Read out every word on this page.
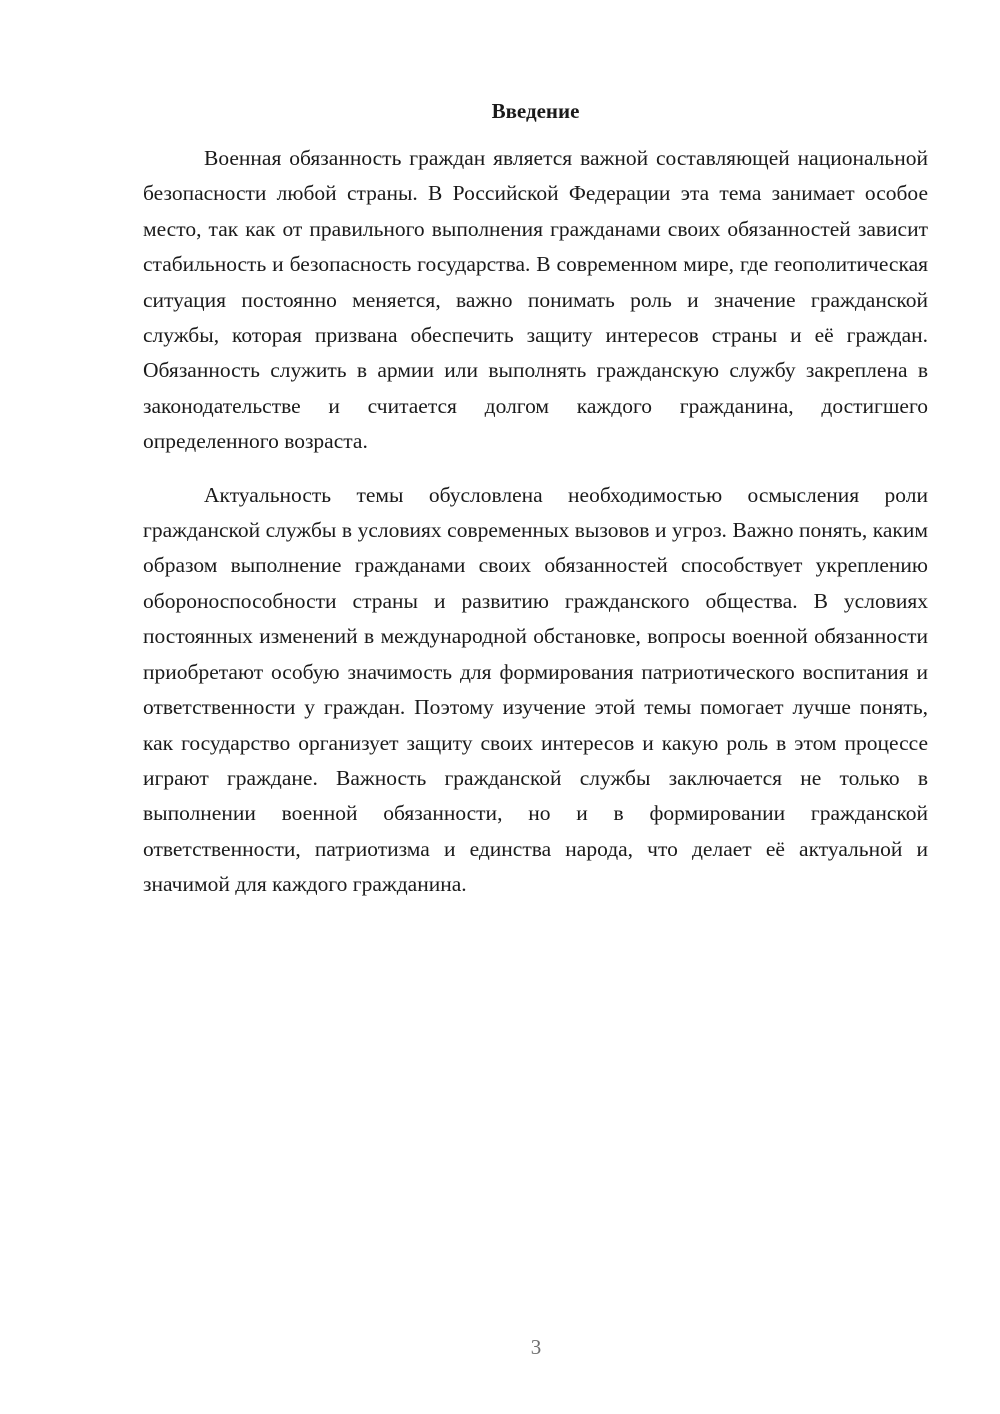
Введение

Военная обязанность граждан является важной составляющей национальной безопасности любой страны. В Российской Федерации эта тема занимает особое место, так как от правильного выполнения гражданами своих обязанностей зависит стабильность и безопасность государства. В современном мире, где геополитическая ситуация постоянно меняется, важно понимать роль и значение гражданской службы, которая призвана обеспечить защиту интересов страны и её граждан. Обязанность служить в армии или выполнять гражданскую службу закреплена в законодательстве и считается долгом каждого гражданина, достигшего определенного возраста.

Актуальность темы обусловлена необходимостью осмысления роли гражданской службы в условиях современных вызовов и угроз. Важно понять, каким образом выполнение гражданами своих обязанностей способствует укреплению обороноспособности страны и развитию гражданского общества. В условиях постоянных изменений в международной обстановке, вопросы военной обязанности приобретают особую значимость для формирования патриотического воспитания и ответственности у граждан. Поэтому изучение этой темы помогает лучше понять, как государство организует защиту своих интересов и какую роль в этом процессе играют граждане. Важность гражданской службы заключается не только в выполнении военной обязанности, но и в формировании гражданской ответственности, патриотизма и единства народа, что делает её актуальной и значимой для каждого гражданина.

3
